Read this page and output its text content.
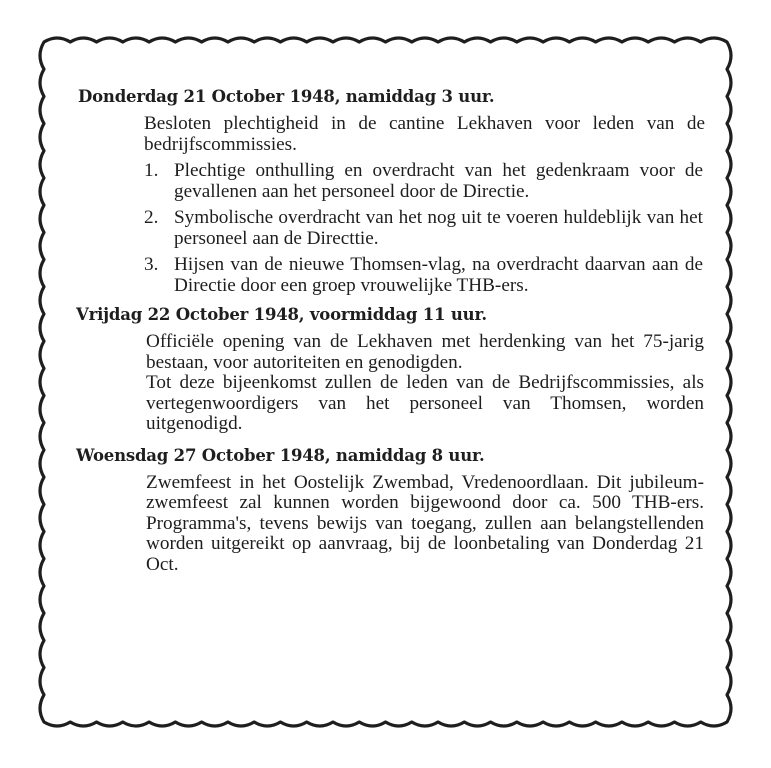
Donderdag 21 October 1948, namiddag 3 uur.

Besloten plechtigheid in de cantine Lekhaven voor leden van de bedrijfscommissies.

1. Plechtige onthulling en overdracht van het gedenkraam voor de gevallenen aan het personeel door de Directie.
2. Symbolische overdracht van het nog uit te voeren huldeblijk van het personeel aan de Directtie.
3. Hijsen van de nieuwe Thomsen-vlag, na overdracht daarvan aan de Directie door een groep vrouwelijke THB-ers.
Vrijdag 22 October 1948, voormiddag 11 uur.

Officiële opening van de Lekhaven met herdenking van het 75-jarig bestaan, voor autoriteiten en genodigden.
Tot deze bijeenkomst zullen de leden van de Bedrijfscommissies, als vertegenwoordigers van het personeel van Thomsen, worden uitgenodigd.

Woensdag 27 October 1948, namiddag 8 uur.

Zwemfeest in het Oostelijk Zwembad, Vredenoordlaan. Dit jubileum-zwemfeest zal kunnen worden bijgewoond door ca. 500 THB-ers. Programma's, tevens bewijs van toegang, zullen aan belangstellenden worden uitgereikt op aanvraag, bij de loonbetaling van Donderdag 21 Oct.
